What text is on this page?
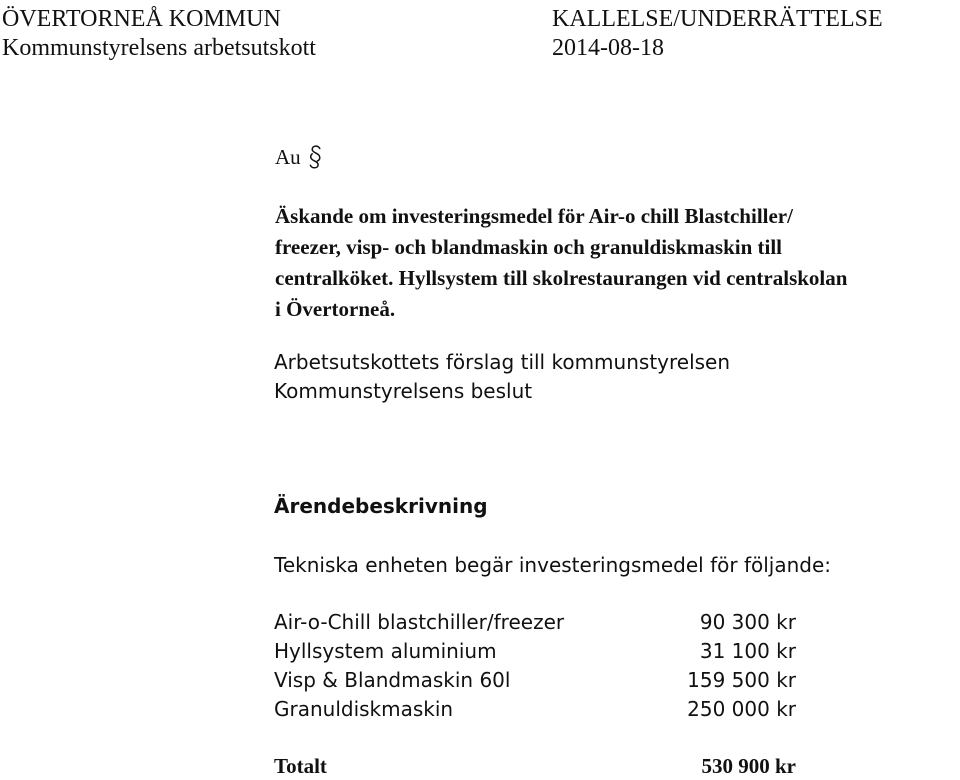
ÖVERTORNEÅ KOMMUN	KALLELSE/UNDERRÄTTELSE
Kommunstyrelsens arbetsutskott	2014-08-18
Au
Äskande om investeringsmedel för Air-o chill Blastchiller/
freezer, visp- och blandmaskin och granuldiskmaskin till
centralköket. Hyllsystem till skolrestaurangen vid centralskolan
i Övertorneå.
Arbetsutskottets förslag till kommunstyrelsen
Kommunstyrelsens beslut
Ärendebeskrivning
Tekniska enheten begär investeringsmedel för följande:
Air-o-Chill blastchiller/freezer	90 300 kr
Hyllsystem aluminium	31 100 kr
Visp & Blandmaskin 60l	159 500 kr
Granuldiskmaskin	250 000 kr
Totalt	530 900 kr
